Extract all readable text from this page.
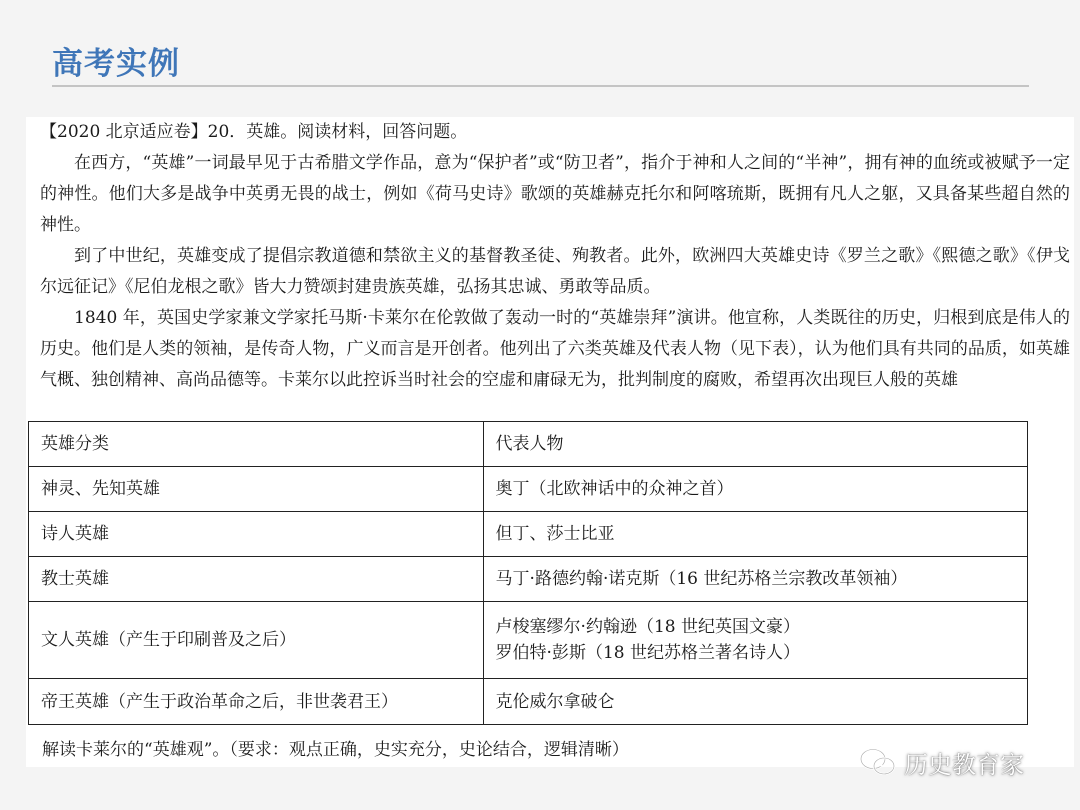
高考实例
【2020 北京适应卷】20．英雄。阅读材料，回答问题。

在西方，“英雄”一词最早见于古希腊文学作品，意为“保护者”或“防卫者”，指介于神和人之间的“半神”，拥有神的血统或被赋予一定的神性。他们大多是战争中英勇无畏的战士，例如《荷马史诗》歌颂的英雄赫克托尔和阿喀琉斯，既拥有凡人之躯，又具备某些超自然的神性。

到了中世纪，英雄变成了提倡宗教道德和禁欲主义的基督教圣徒、殉教者。此外，欧洲四大英雄史诗《罗兰之歌》《熙德之歌》《伊戈尔远征记》《尼伯龙根之歌》皆大力赞颂封建贵族英雄，弘扬其忠诚、勇敢等品质。

1840 年，英国史学家兼文学家托马斯·卡莱尔在伦敦做了轰动一时的“英雄崇拜”演讲。他宣称，人类既往的历史，归根到底是伟人的历史。他们是人类的领袖，是传奇人物，广义而言是开创者。他列出了六类英雄及代表人物（见下表），认为他们具有共同的品质，如英雄气概、独创精神、高尚品德等。卡莱尔以此控诉当时社会的空虚和庸碌无为，批判制度的腐败，希望再次出现巨人般的英雄

英雄分类	代表人物
神灵、先知英雄	奥丁（北欧神话中的众神之首）

诗人英雄	但丁、莎士比亚

教士英雄	马丁·路德约翰·诺克斯（16 世纪苏格兰宗教改革领袖）

文人英雄（产生于印刷普及之后）	卢梭塞缪尔·约翰逊（18 世纪英国文豪）
罗伯特·彭斯（18 世纪苏格兰著名诗人）

帝王英雄（产生于政治革命之后，非世袭君王）	克伦威尔拿破仑
解读卡莱尔的“英雄观”。（要求：观点正确，史实充分，史论结合，逻辑清晰）
历史教育家
